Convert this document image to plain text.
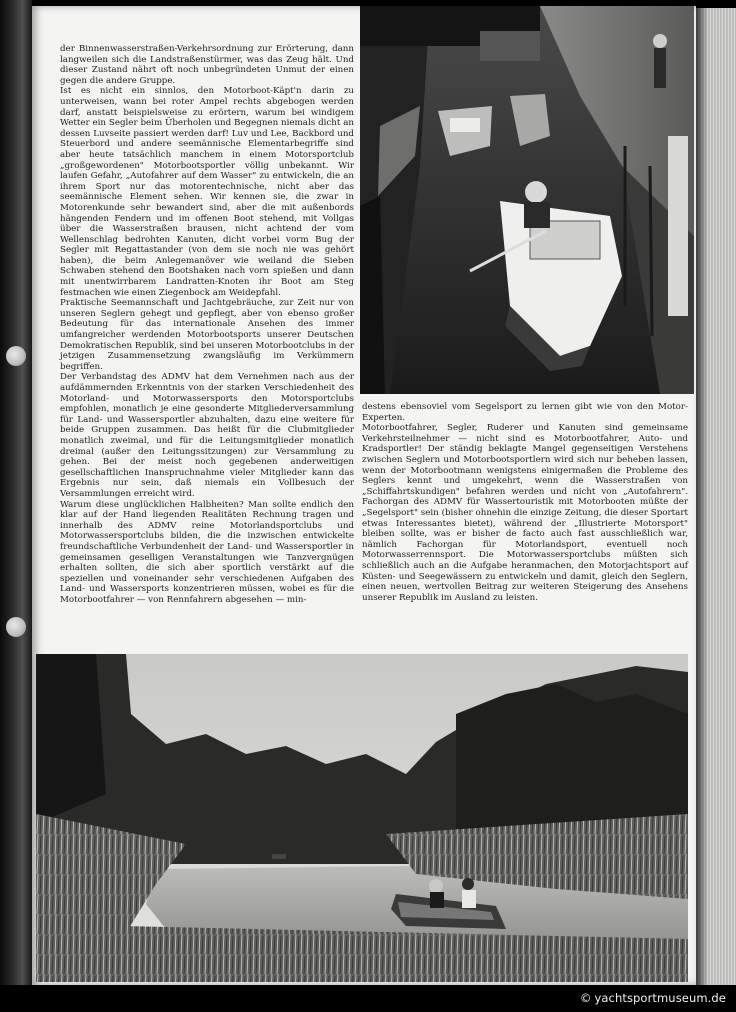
der Binnenwasserstraßen-Verkehrsordnung zur Erörterung, dann langweilen sich die Landstraßenstürmer, was das Zeug hält. Und dieser Zustand nährt oft noch unbegründeten Unmut der einen gegen die andere Gruppe.

Ist es nicht ein sinnlos, den Motorboot-Käpt'n darin zu unterweisen, wann bei roter Ampel rechts abgebogen werden darf, anstatt beispielsweise zu erörtern, warum bei windigem Wetter ein Segler beim Überholen und Begegnen niemals dicht an dessen Luvseite passiert werden darf! Luv und Lee, Backbord und Steuerbord und andere seemännische Elementarbegriffe sind aber heute tatsächlich manchem in einem Motorsportclub „großgewordenen" Motorbootsportler völlig unbekannt. Wir laufen Gefahr, „Autofahrer auf dem Wasser" zu entwickeln, die an ihrem Sport nur das motorentechnische, nicht aber das seemännische Element sehen. Wir kennen sie, die zwar in Motorenkunde sehr bewandert sind, aber die mit außenbords hängenden Fendern und im offenen Boot stehend, mit Vollgas über die Wasserstraßen brausen, nicht achtend der vom Wellenschlag bedrohten Kanuten, dicht vorbei vorm Bug der Segler mit Regattastander (von dem sie noch nie was gehört haben), die beim Anlegemanöver wie weiland die Sieben Schwaben stehend den Bootshaken nach vorn spießen und dann mit unentwirrbarem Landratten-Knoten ihr Boot am Steg festmachen wie einen Ziegenbock am Weidepfahl.

Praktische Seemannschaft und Jachtgebräuche, zur Zeit nur von unseren Seglern gehegt und gepflegt, aber von ebenso großer Bedeutung für das internationale Ansehen des immer umfangreicher werdenden Motorbootsports unserer Deutschen Demokratischen Republik, sind bei unseren Motorbootclubs in der jetzigen Zusammensetzung zwangsläufig im Verkümmern begriffen.

Der Verbandstag des ADMV hat dem Vernehmen nach aus der aufdämmernden Erkenntnis von der starken Verschiedenheit des Motorland- und Motorwassersports den Motorsportclubs empfohlen, monatlich je eine gesonderte Mitgliederversammlung für Land- und Wassersportler abzuhalten, dazu eine weitere für beide Gruppen zusammen. Das heißt für die Clubmitglieder monatlich zweimal, und für die Leitungsmitglieder monatlich dreimal (außer den Leitungssitzungen) zur Versammlung zu gehen. Bei der meist noch gegebenen anderweitigen gesellschaftlichen Inanspruchnahme vieler Mitglieder kann das Ergebnis nur sein, daß niemals ein Vollbesuch der Versammlungen erreicht wird.

Warum diese unglücklichen Halbheiten? Man sollte endlich den klar auf der Hand liegenden Realitäten Rechnung tragen und innerhalb des ADMV reine Motorlandsportclubs und Motorwassersportclubs bilden, die die inzwischen entwickelte freundschaftliche Verbundenheit der Land- und Wassersportler in gemeinsamen geselligen Veranstaltungen wie Tanzvergnügen erhalten sollten, die sich aber sportlich verstärkt auf die speziellen und voneinander sehr verschiedenen Aufgaben des Land- und Wassersports konzentrieren müssen, wobei es für die Motorbootfahrer — von Rennfahrern abgesehen — min-

destens ebensoviel vom Segelsport zu lernen gibt wie von den Motor-Experten.

Motorbootfahrer, Segler, Ruderer und Kanuten sind gemeinsame Verkehrsteilnehmer — nicht sind es Motorbootfahrer, Auto- und Kradsportler! Der ständig beklagte Mangel gegenseitigen Verstehens zwischen Seglern und Motorbootsportlern wird sich nur beheben lassen, wenn der Motorbootmann wenigstens einigermaßen die Probleme des Seglers kennt und umgekehrt, wenn die Wasserstraßen von „Schiffahrtskundigen" befahren werden und nicht von „Autofahrern". Fachorgan des ADMV für Wassertouristik mit Motorbooten müßte der „Segelsport" sein (bisher ohnehin die einzige Zeitung, die dieser Sportart etwas Interessantes bietet), während der „Illustrierte Motorsport" bleiben sollte, was er bisher de facto auch fast ausschließlich war, nämlich Fachorgan für Motorlandsport, eventuell noch Motorwasserrennsport. Die Motorwassersportclubs müßten sich schließlich auch an die Aufgabe heranmachen, den Motorjachtsport auf Küsten- und Seegewässern zu entwickeln und damit, gleich den Seglern, einen neuen, wertvollen Beitrag zur weiteren Steigerung des Ansehens unserer Republik im Ausland zu leisten.

© yachtsportmuseum.de
